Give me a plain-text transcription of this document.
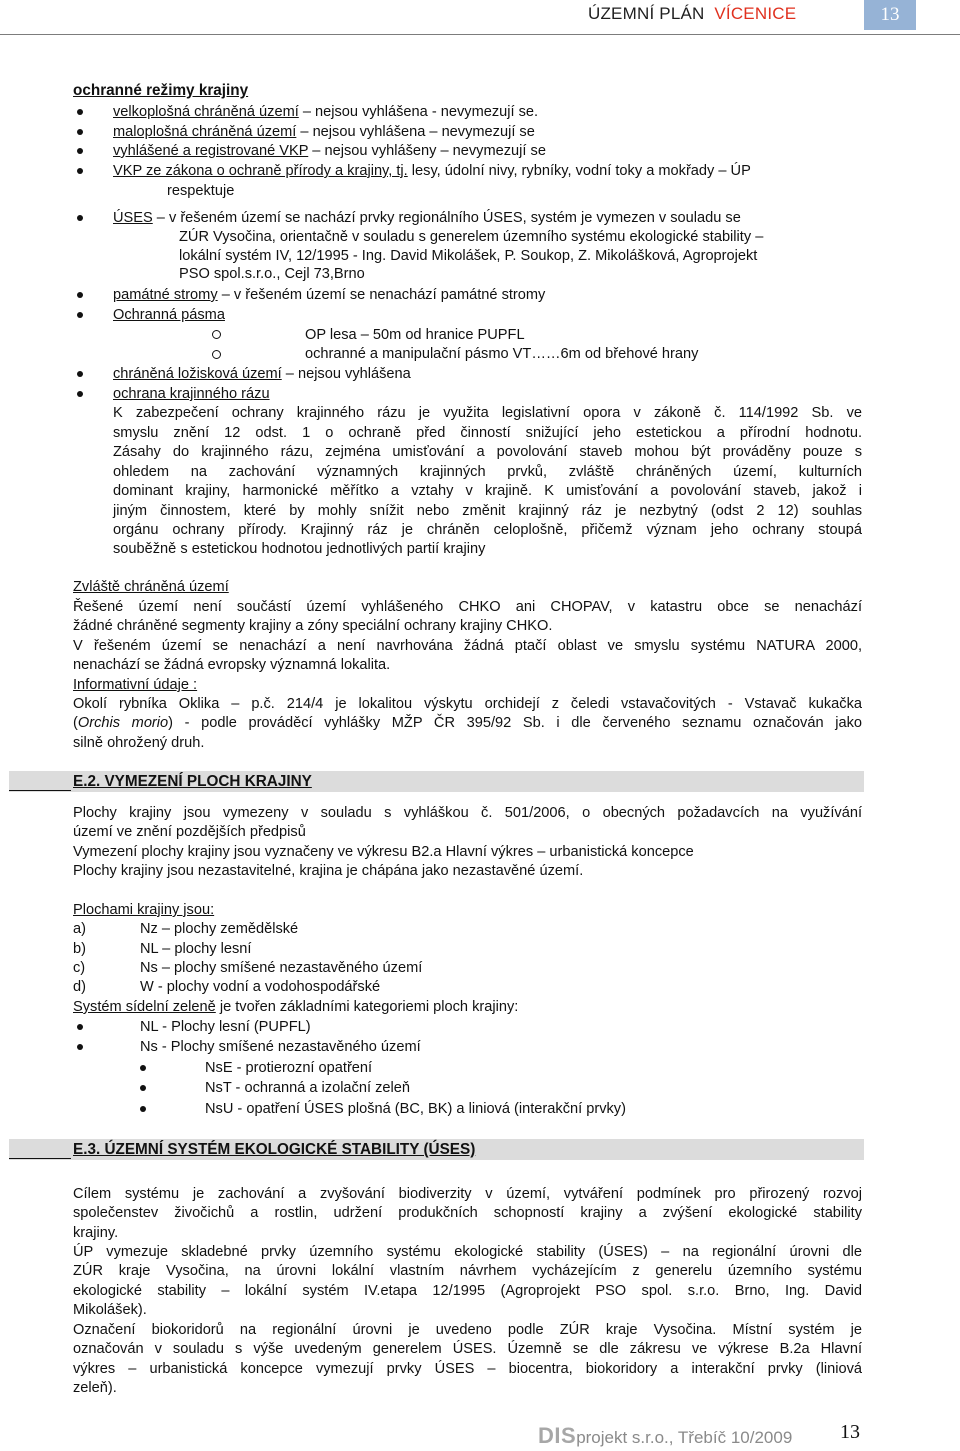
ÚZEMNÍ PLÁN VÍCENICE	13
ochranné režimy krajiny
velkoplošná chráněná území – nejsou vyhlášena - nevymezují se.
maloplošná chráněná území – nejsou vyhlášena – nevymezují se
vyhlášené a registrované VKP – nejsou vyhlášeny – nevymezují se
VKP ze zákona o ochraně přírody a krajiny, tj. lesy, údolní nivy, rybníky, vodní toky a mokřady – ÚP
respektuje
ÚSES – v řešeném území se nachází prvky regionálního ÚSES, systém je vymezen v souladu se
ZÚR Vysočina, orientačně v souladu s generelem územního systému ekologické stability –
lokální systém IV, 12/1995 - Ing. David Mikolášek, P. Soukop, Z. Mikolášková, Agroprojekt
PSO spol.s.r.o., Cejl 73,Brno
památné stromy – v řešeném území se nenachází památné stromy
Ochranná pásma
OP lesa – 50m od hranice PUPFL
ochranné a manipulační pásmo VT……6m od břehové hrany
chráněná ložisková území – nejsou vyhlášena
ochrana krajinného rázu
K zabezpečení ochrany krajinného rázu je využita legislativní opora v zákoně č. 114/1992 Sb. ve
smyslu znění 12 odst. 1 o ochraně před činností snižující jeho estetickou a přírodní hodnotu.
Zásahy do krajinného rázu, zejména umisťování a povolování staveb mohou být prováděny pouze s
ohledem na zachování významných krajinných prvků, zvláště chráněných území, kulturních
dominant krajiny, harmonické měřítko a vztahy v krajině. K umisťování a povolování staveb, jakož i
jiným činnostem, které by mohly snížit nebo změnit krajinný ráz je nezbytný (odst 2 12) souhlas
orgánu ochrany přírody. Krajinný ráz je chráněn celoplošně, přičemž význam jeho ochrany stoupá
souběžně s estetickou hodnotou jednotlivých partií krajiny
Zvláště chráněná území
Řešené území není součástí území vyhlášeného CHKO ani CHOPAV, v katastru obce se nenachází
žádné chráněné segmenty krajiny a zóny speciální ochrany krajiny CHKO.
V řešeném území se nenachází a není navrhována žádná ptačí oblast ve smyslu systému NATURA 2000,
nenachází se žádná evropsky významná lokalita.
Informativní údaje :
Okolí rybníka Oklika – p.č. 214/4 je lokalitou výskytu orchidejí z čeledi vstavačovitých - Vstavač kukačka
(Orchis morio) - podle prováděcí vyhlášky MŽP ČR 395/92 Sb. i dle červeného seznamu označován jako
silně ohrožený druh.
E.2. VYMEZENÍ PLOCH KRAJINY
Plochy krajiny jsou vymezeny v souladu s vyhláškou č. 501/2006, o obecných požadavcích na využívání
území ve znění pozdějších předpisů
Vymezení plochy krajiny jsou vyznačeny ve výkresu B2.a Hlavní výkres – urbanistická koncepce
Plochy krajiny jsou nezastavitelné, krajina je chápána jako nezastavěné území.
Plochami krajiny jsou:
a)	Nz – plochy zemědělské
b)	NL – plochy lesní
c)	Ns – plochy smíšené nezastavěného území
d)	W - plochy vodní a vodohospodářské
Systém sídelní zeleně je tvořen základními kategoriemi ploch krajiny:
NL - Plochy lesní (PUPFL)
Ns - Plochy smíšené nezastavěného území
NsE - protierozní opatření
NsT - ochranná a izolační zeleň
NsU - opatření ÚSES plošná (BC, BK) a liniová (interakční prvky)
E.3. ÚZEMNÍ SYSTÉM EKOLOGICKÉ STABILITY (ÚSES)
Cílem systému je zachování a zvyšování biodiverzity v území, vytváření podmínek pro přirozený rozvoj
společenstev živočichů a rostlin, udržení produkčních schopností krajiny a zvýšení ekologické stability
krajiny.
ÚP vymezuje skladebné prvky územního systému ekologické stability (ÚSES) – na regionální úrovni dle
ZÚR kraje Vysočina, na úrovni lokální vlastním návrhem vycházejícím z generelu územního systému
ekologické stability – lokální systém IV.etapa 12/1995 (Agroprojekt PSO spol. s.r.o. Brno, Ing. David
Mikolášek).
Označení biokoridorů na regionální úrovni je uvedeno podle ZÚR kraje Vysočina. Místní systém je
označován v souladu s výše uvedeným generelem ÚSES. Územně se dle zákresu ve výkrese B.2a Hlavní
výkres – urbanistická koncepce vymezují prvky ÚSES – biocentra, biokoridory a interakční prvky (liniová
zeleň).
DISprojekt s.r.o., Třebíč 10/2009 13
